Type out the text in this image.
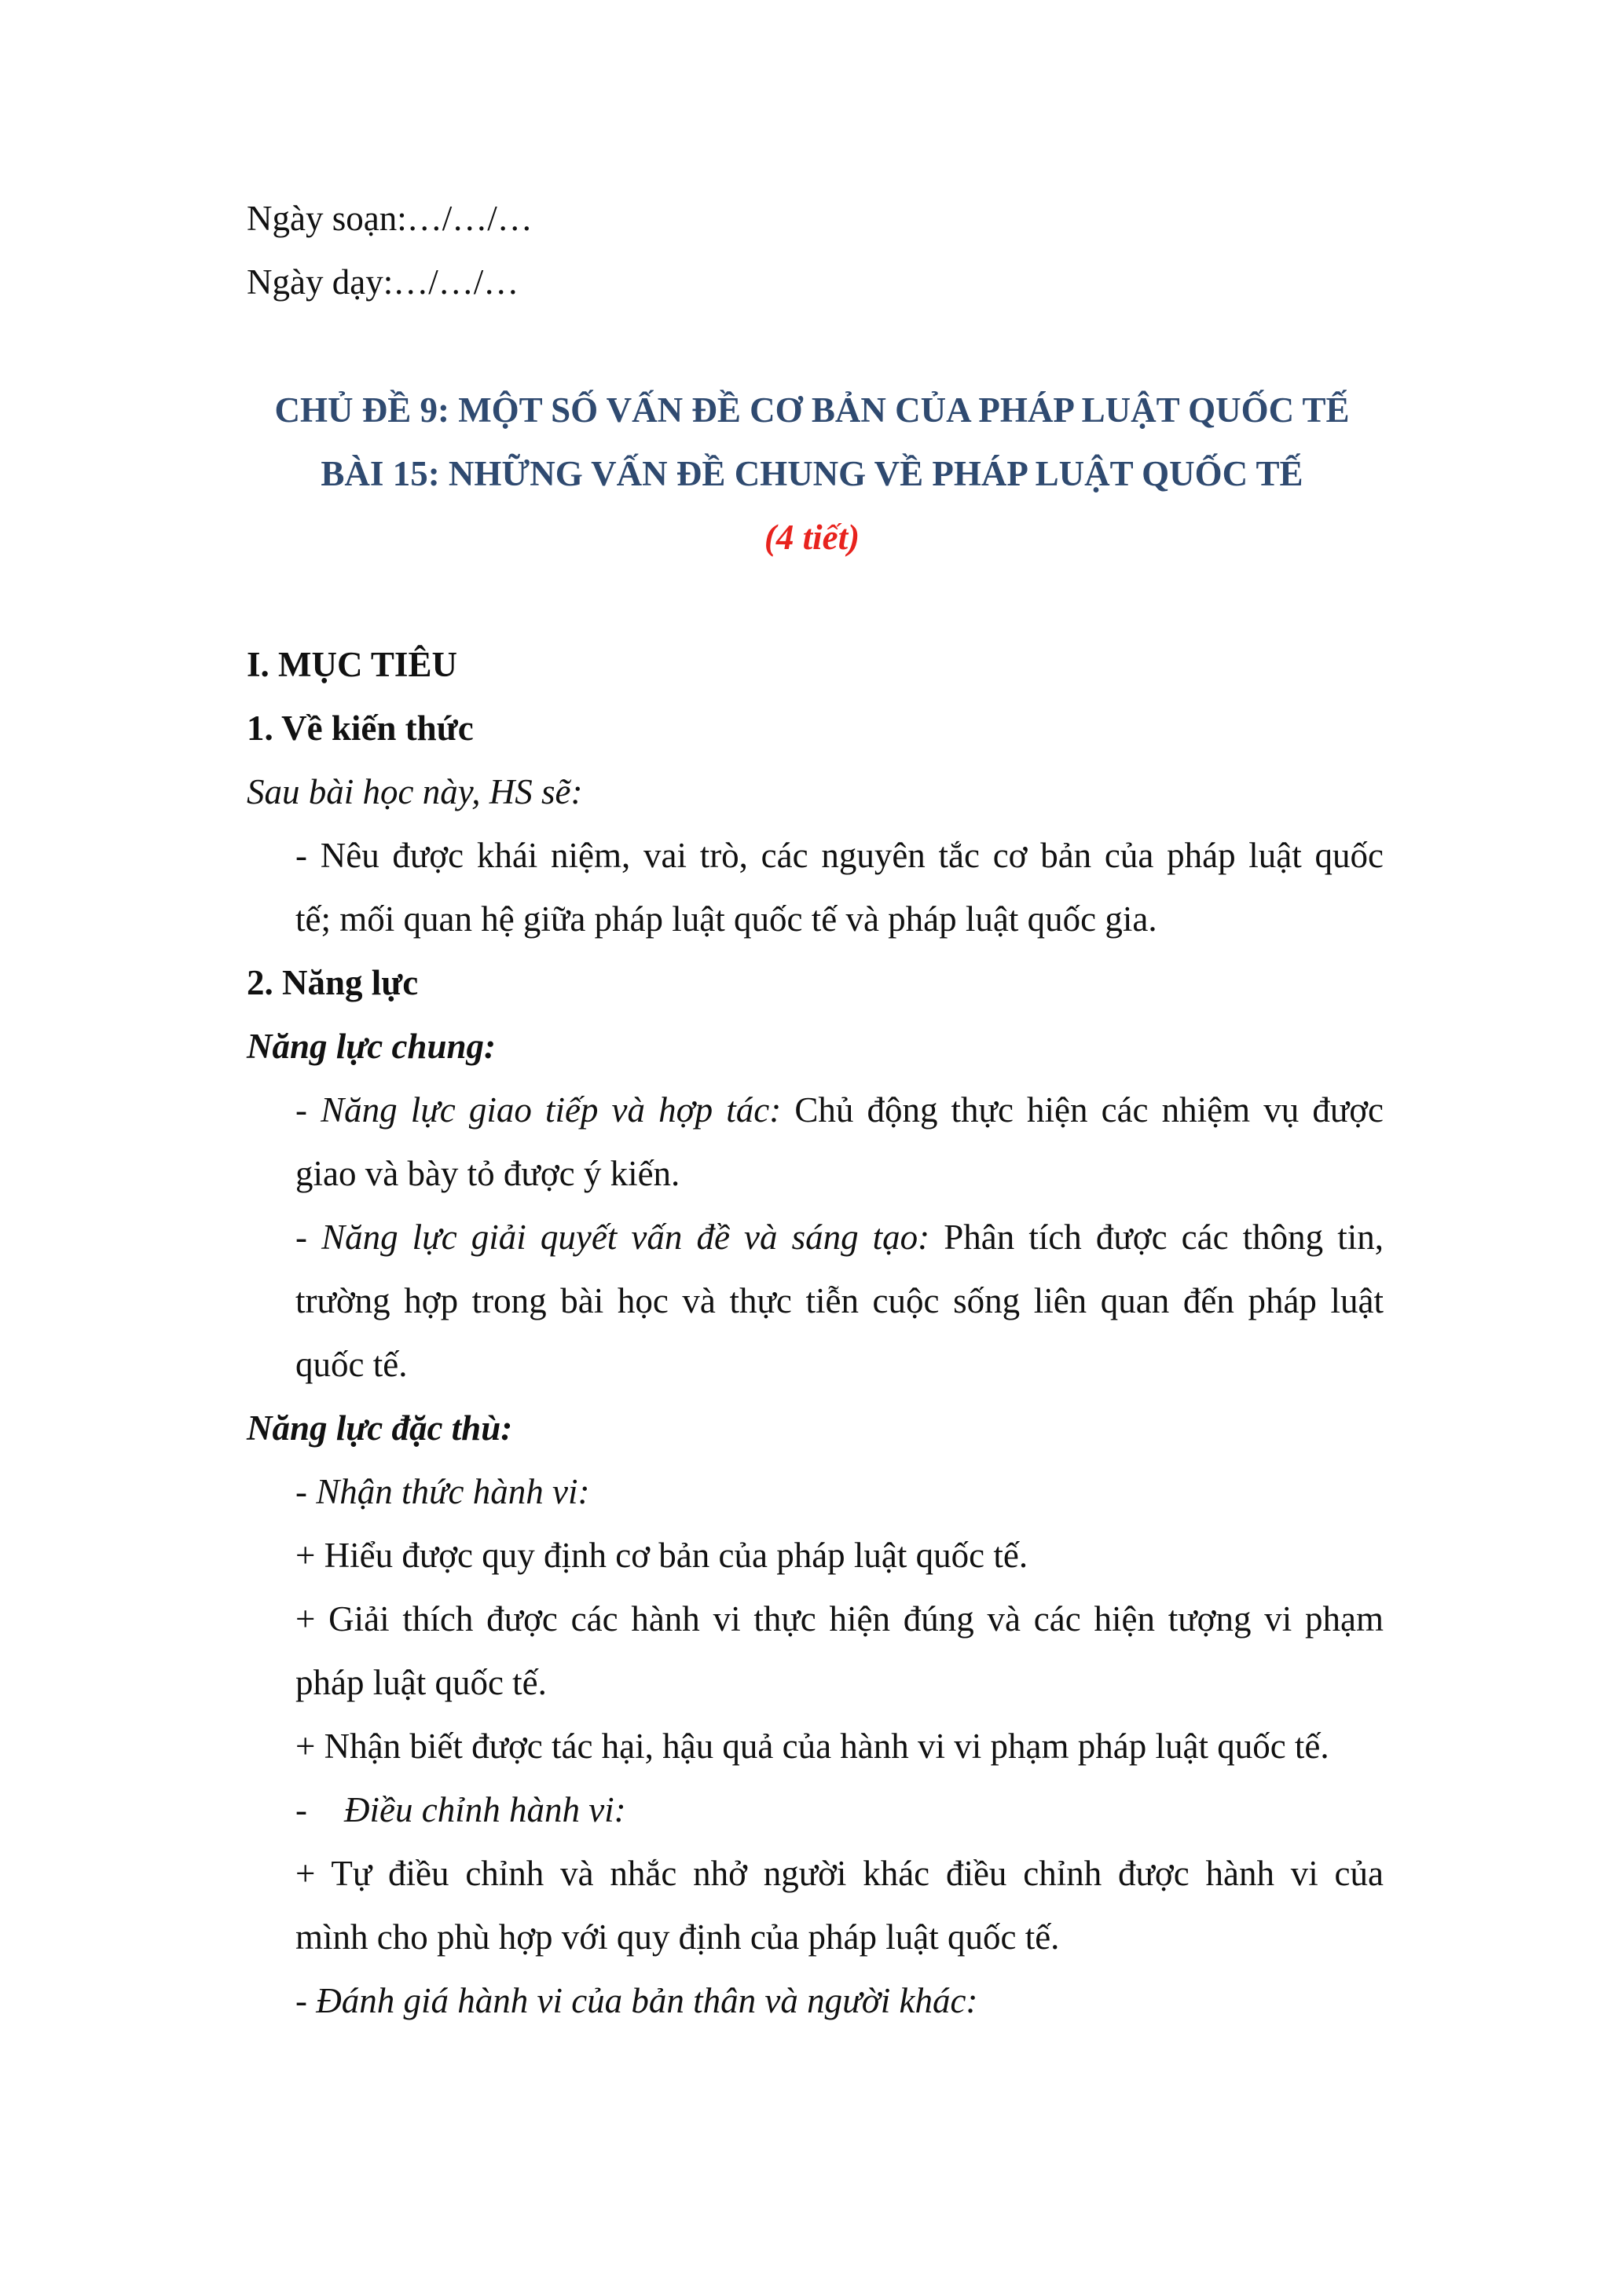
Ngày soạn:…/…/…
Ngày dạy:…/…/…
CHỦ ĐỀ 9: MỘT SỐ VẤN ĐỀ CƠ BẢN CỦA PHÁP LUẬT QUỐC TẾ
BÀI 15: NHỮNG VẤN ĐỀ CHUNG VỀ PHÁP LUẬT QUỐC TẾ
(4 tiết)
I. MỤC TIÊU
1. Về kiến thức
Sau bài học này, HS sẽ:
- Nêu được khái niệm, vai trò, các nguyên tắc cơ bản của pháp luật quốc
tế; mối quan hệ giữa pháp luật quốc tế và pháp luật quốc gia.
2. Năng lực
Năng lực chung:
- Năng lực giao tiếp và hợp tác: Chủ động thực hiện các nhiệm vụ được
giao và bày tỏ được ý kiến.
- Năng lực giải quyết vấn đề và sáng tạo: Phân tích được các thông tin,
trường hợp trong bài học và thực tiễn cuộc sống liên quan đến pháp luật
quốc tế.
Năng lực đặc thù:
- Nhận thức hành vi:
+ Hiểu được quy định cơ bản của pháp luật quốc tế.
+ Giải thích được các hành vi thực hiện đúng và các hiện tượng vi phạm
pháp luật quốc tế.
+ Nhận biết được tác hại, hậu quả của hành vi vi phạm pháp luật quốc tế.
- Điều chỉnh hành vi:
+ Tự điều chỉnh và nhắc nhở người khác điều chỉnh được hành vi của
mình cho phù hợp với quy định của pháp luật quốc tế.
- Đánh giá hành vi của bản thân và người khác:
